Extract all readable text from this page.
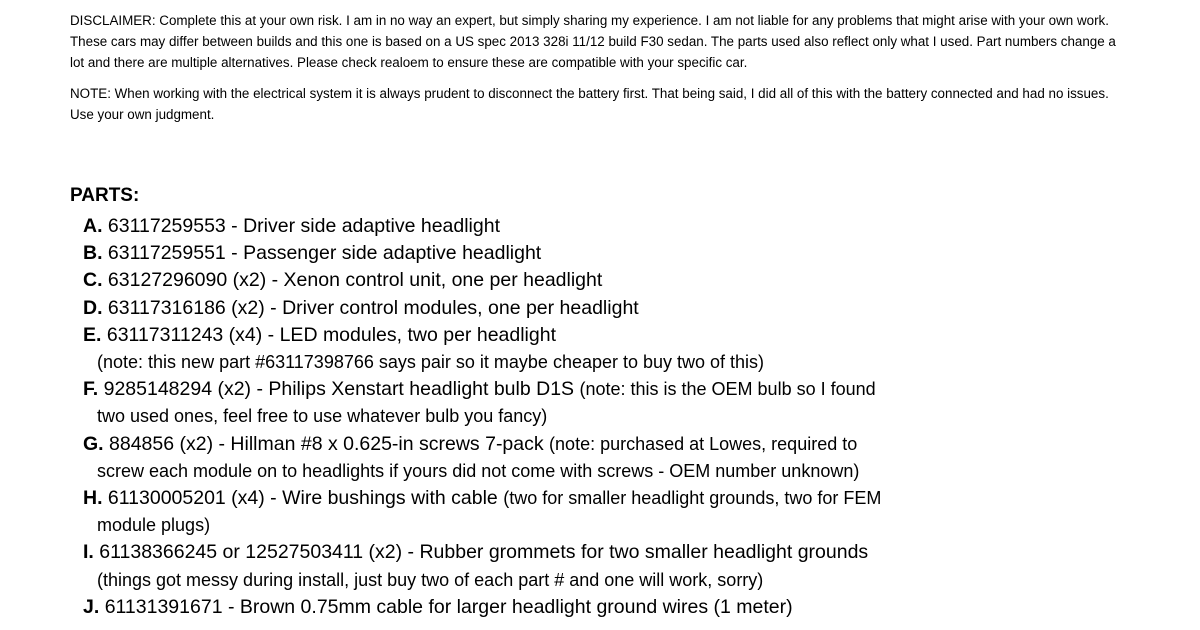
DISCLAIMER: Complete this at your own risk. I am in no way an expert, but simply sharing my experience. I am not liable for any problems that might arise with your own work. These cars may differ between builds and this one is based on a US spec 2013 328i 11/12 build F30 sedan. The parts used also reflect only what I used. Part numbers change a lot and there are multiple alternatives. Please check realoem to ensure these are compatible with your specific car.

NOTE: When working with the electrical system it is always prudent to disconnect the battery first. That being said, I did all of this with the battery connected and had no issues. Use your own judgment.

PARTS:
A. 63117259553 - Driver side adaptive headlight
B. 63117259551 - Passenger side adaptive headlight
C. 63127296090 (x2) - Xenon control unit, one per headlight
D. 63117316186 (x2) - Driver control modules, one per headlight
E. 63117311243 (x4) - LED modules, two per headlight
(note: this new part #63117398766 says pair so it maybe cheaper to buy two of this)
F. 9285148294 (x2) - Philips Xenstart headlight bulb D1S (note: this is the OEM bulb so I found
two used ones, feel free to use whatever bulb you fancy)
G. 884856 (x2) - Hillman #8 x 0.625-in screws 7-pack (note: purchased at Lowes, required to
screw each module on to headlights if yours did not come with screws - OEM number unknown)
H. 61130005201 (x4) - Wire bushings with cable (two for smaller headlight grounds, two for FEM
module plugs)
I. 61138366245 or 12527503411 (x2) - Rubber grommets for two smaller headlight grounds
(things got messy during install, just buy two of each part # and one will work, sorry)
J. 61131391671 - Brown 0.75mm cable for larger headlight ground wires (1 meter)
